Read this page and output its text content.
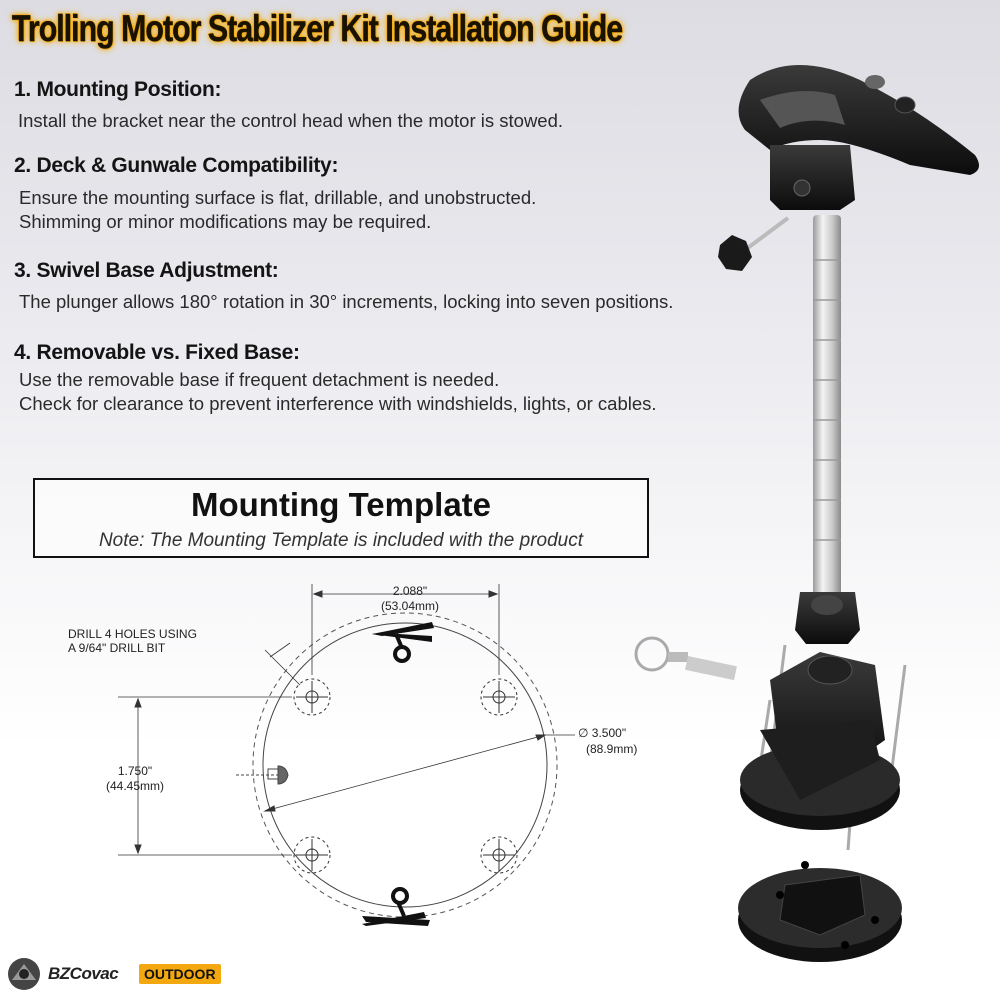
Trolling Motor Stabilizer Kit Installation Guide
1. Mounting Position:
Install the bracket near the control head when the motor is stowed.
2. Deck & Gunwale Compatibility:
Ensure the mounting surface is flat, drillable, and unobstructed.
Shimming or minor modifications may be required.
3. Swivel Base Adjustment:
The plunger allows 180° rotation in 30° increments, locking into seven positions.
4. Removable vs. Fixed Base:
Use the removable base if frequent detachment is needed.
Check for clearance to prevent interference with windshields, lights, or cables.
Mounting Template
Note: The Mounting Template is included with the product
2.088"
(53.04mm)
DRILL 4 HOLES USING
A 9/64" DRILL BIT
1.750"
(44.45mm)
∅ 3.500"
(88.9mm)
BZCovac	OUTDOOR
